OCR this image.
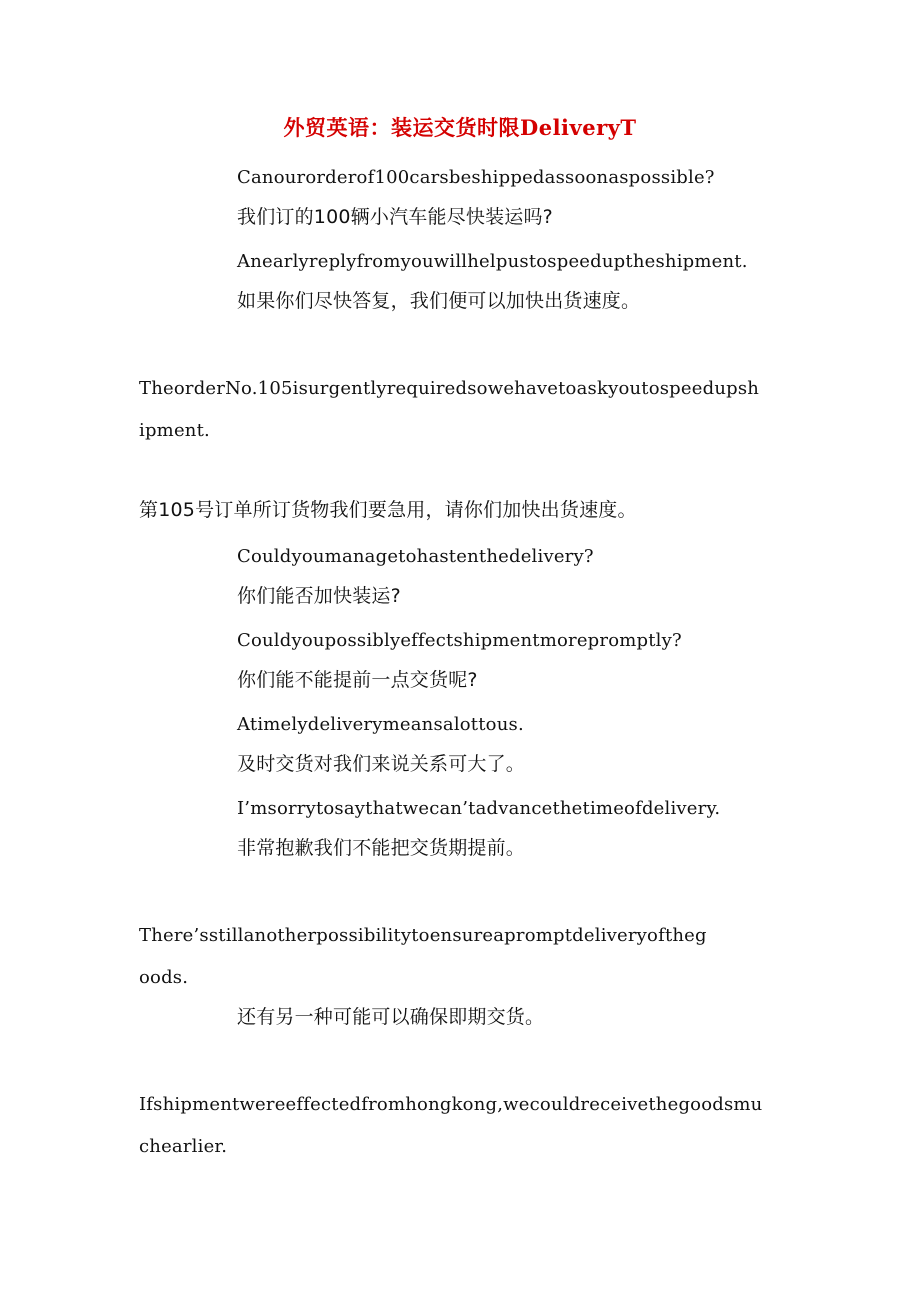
外贸英语：装运交货时限DeliveryT
Canourorderof100carsbeshippedassoonaspossible?
我们订的100辆小汽车能尽快装运吗?
Anearlyreplyfromyouwillhelpustospeeduptheshipment.
如果你们尽快答复，我们便可以加快出货速度。
TheorderNo.105isurgentlyrequiredsowehavetoaskyoutospeedupsh
ipment.
第105号订单所订货物我们要急用，请你们加快出货速度。
Couldyoumanagetohastenthedelivery?
你们能否加快装运?
Couldyoupossiblyeffectshipmentmorepromptly?
你们能不能提前一点交货呢?
Atimelydeliverymeansalottous.
及时交货对我们来说关系可大了。
I’msorrytosaythatwecan’tadvancethetimeofdelivery.
非常抱歉我们不能把交货期提前。
There’sstillanotherpossibilitytoensureapromptdeliveryoftheg
oods.
还有另一种可能可以确保即期交货。
Ifshipmentwereeffectedfromhongkong,wecouldreceivethegoodsmu
chearlier.
